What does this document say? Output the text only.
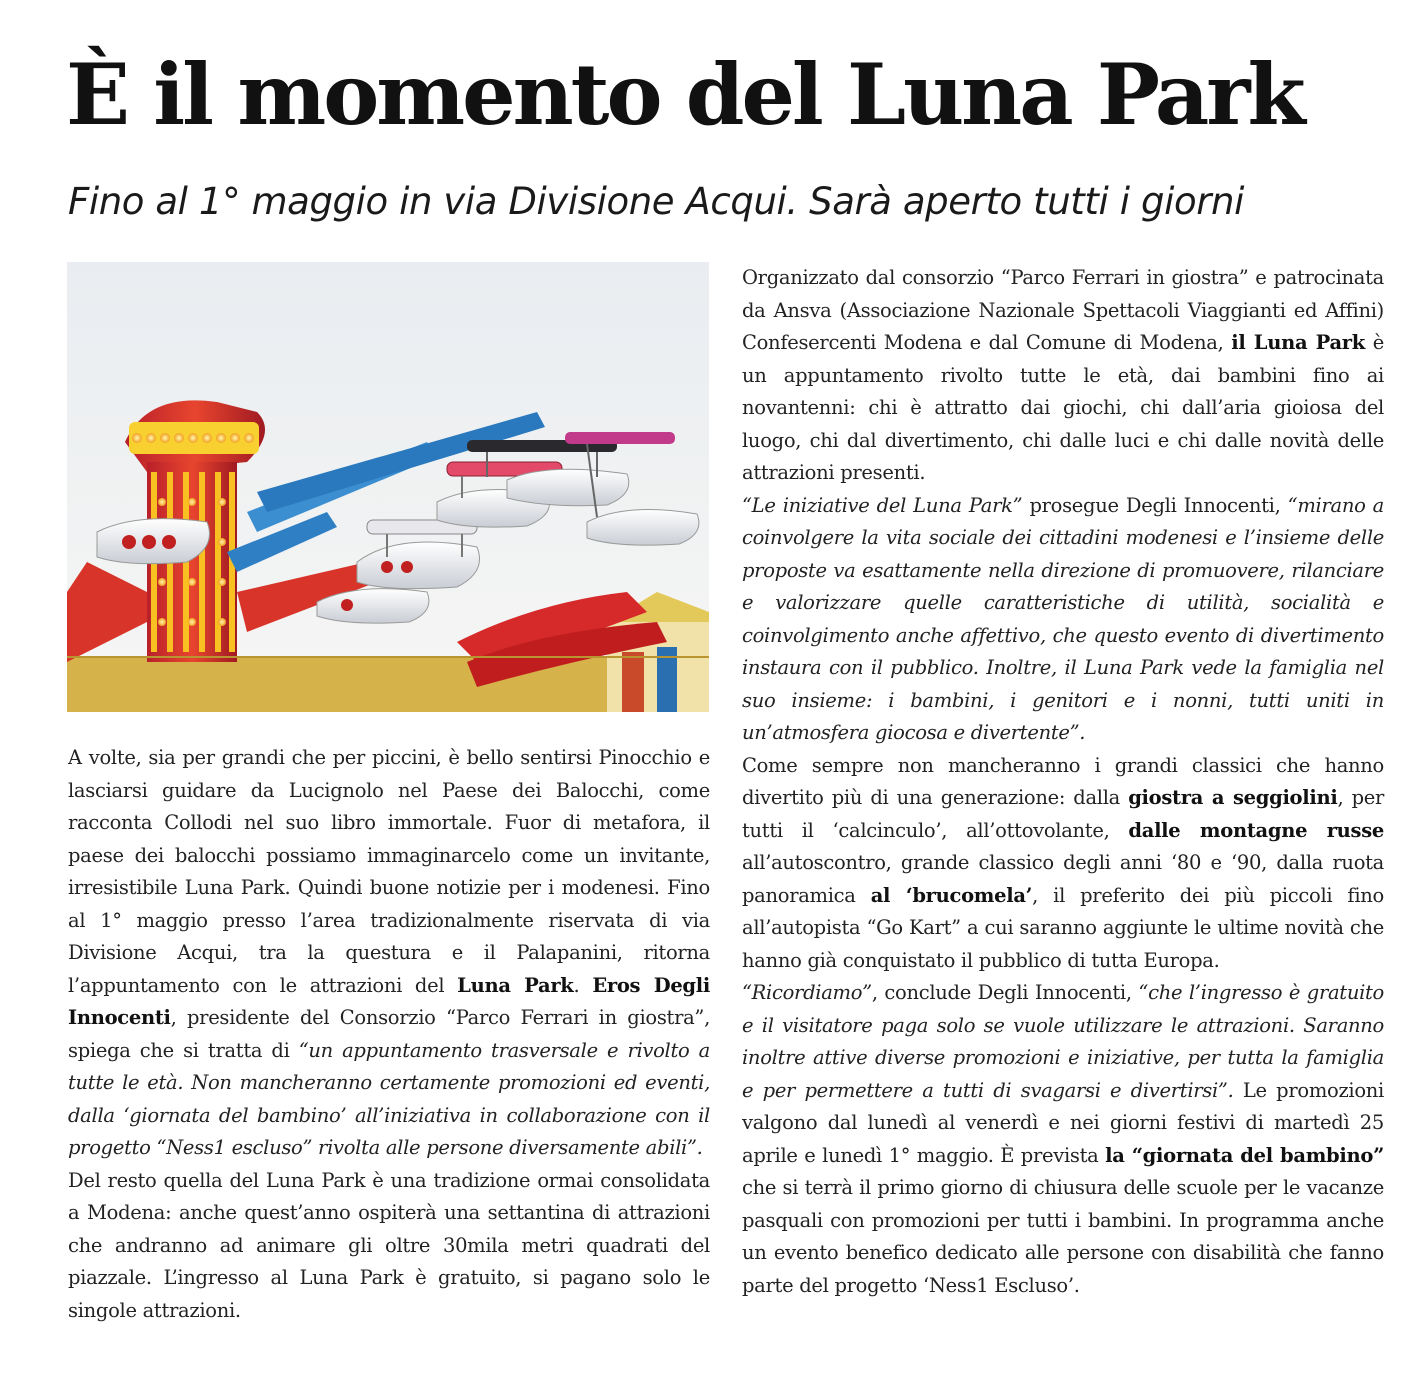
È il momento del Luna Park
Fino al 1° maggio in via Divisione Acqui. Sarà aperto tutti i giorni

A volte, sia per grandi che per piccini, è bello sentirsi Pinocchio e lasciarsi guidare da Lucignolo nel Paese dei Balocchi, come racconta Collodi nel suo libro immortale. Fuor di metafora, il paese dei balocchi possiamo immaginarcelo come un invitante, irresistibile Luna Park. Quindi buone notizie per i modenesi. Fino al 1° maggio presso l’area tradizionalmente riservata di via Divisione Acqui, tra la questura e il Palapanini, ritorna l’appuntamento con le attrazioni del Luna Park. Eros Degli Innocenti, presidente del Consorzio “Parco Ferrari in giostra”, spiega che si tratta di “un appuntamento trasversale e rivolto a tutte le età. Non mancheranno certamente promozioni ed eventi, dalla ‘giornata del bambino’ all’iniziativa in collaborazione con il progetto “Ness1 escluso” rivolta alle persone diversamente abili”.

Del resto quella del Luna Park è una tradizione ormai consolidata a Modena: anche quest’anno ospiterà una settantina di attrazioni che andranno ad animare gli oltre 30mila metri quadrati del piazzale. L’ingresso al Luna Park è gratuito, si pagano solo le singole attrazioni.

Organizzato dal consorzio “Parco Ferrari in giostra” e patrocinata da Ansva (Associazione Nazionale Spettacoli Viaggianti ed Affini) Confesercenti Modena e dal Comune di Modena, il Luna Park è un appuntamento rivolto tutte le età, dai bambini fino ai novantenni: chi è attratto dai giochi, chi dall’aria gioiosa del luogo, chi dal divertimento, chi dalle luci e chi dalle novità delle attrazioni presenti.

“Le iniziative del Luna Park” prosegue Degli Innocenti, “mirano a coinvolgere la vita sociale dei cittadini modenesi e l’insieme delle proposte va esattamente nella direzione di promuovere, rilanciare e valorizzare quelle caratteristiche di utilità, socialità e coinvolgimento anche affettivo, che questo evento di divertimento instaura con il pubblico. Inoltre, il Luna Park vede la famiglia nel suo insieme: i bambini, i genitori e i nonni, tutti uniti in un’atmosfera giocosa e divertente”.

Come sempre non mancheranno i grandi classici che hanno divertito più di una generazione: dalla giostra a seggiolini, per tutti il ‘calcinculo’, all’ottovolante, dalle montagne russe all’autoscontro, grande classico degli anni ‘80 e ‘90, dalla ruota panoramica al ‘brucomela’, il preferito dei più piccoli fino all’autopista “Go Kart” a cui saranno aggiunte le ultime novità che hanno già conquistato il pubblico di tutta Europa.

“Ricordiamo”, conclude Degli Innocenti, “che l’ingresso è gratuito e il visitatore paga solo se vuole utilizzare le attrazioni. Saranno inoltre attive diverse promozioni e iniziative, per tutta la famiglia e per permettere a tutti di svagarsi e divertirsi”. Le promozioni valgono dal lunedì al venerdì e nei giorni festivi di martedì 25 aprile e lunedì 1° maggio. È prevista la “giornata del bambino” che si terrà il primo giorno di chiusura delle scuole per le vacanze pasquali con promozioni per tutti i bambini. In programma anche un evento benefico dedicato alle persone con disabilità che fanno parte del progetto ‘Ness1 Escluso’.
